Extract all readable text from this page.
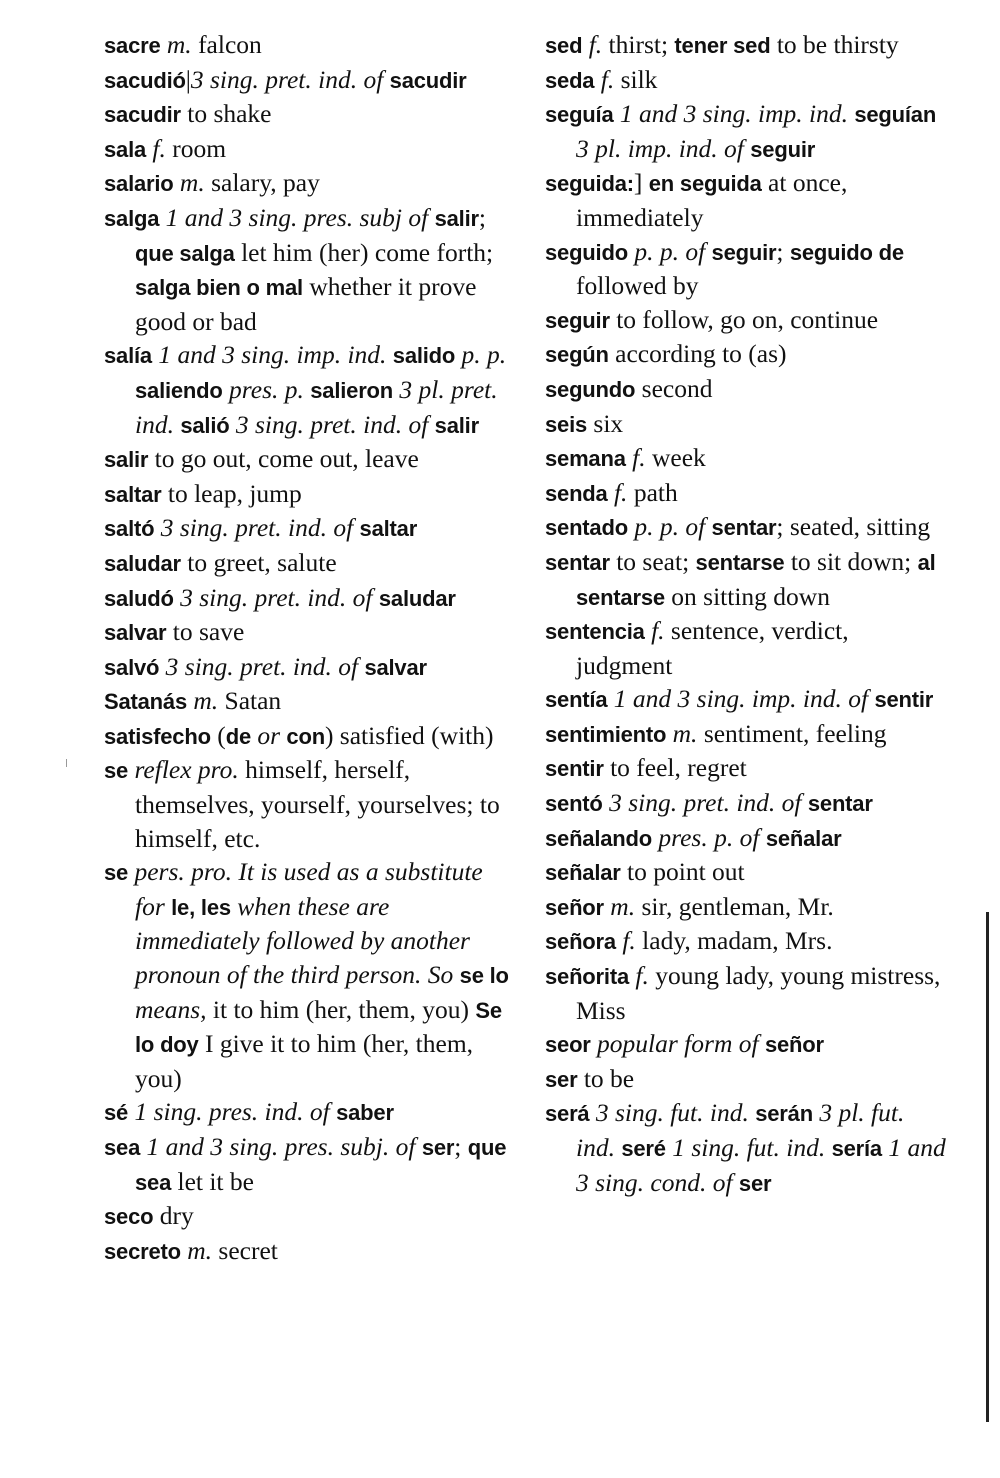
sacre m. falcon
sacudió|3 sing. pret. ind. of sacudir
sacudir to shake
sala f. room
salario m. salary, pay
salga 1 and 3 sing. pres. subj of salir; que salga let him (her) come forth; salga bien o mal whether it prove good or bad
salía 1 and 3 sing. imp. ind. salido p. p. saliendo pres. p. salieron 3 pl. pret. ind. salió 3 sing. pret. ind. of salir
salir to go out, come out, leave
saltar to leap, jump
saltó 3 sing. pret. ind. of saltar
saludar to greet, salute
saludó 3 sing. pret. ind. of saludar
salvar to save
salvó 3 sing. pret. ind. of salvar
Satanás m. Satan
satisfecho (de or con) satisfied (with)
se reflex pro. himself, herself, themselves, yourself, yourselves; to himself, etc.
se pers. pro. It is used as a substitute for le, les when these are immediately followed by another pronoun of the third person. So se lo means, it to him (her, them, you) Se lo doy I give it to him (her, them, you)
sé 1 sing. pres. ind. of saber
sea 1 and 3 sing. pres. subj. of ser; que sea let it be
seco dry
secreto m. secret
sed f. thirst; tener sed to be thirsty
seda f. silk
seguía 1 and 3 sing. imp. ind. seguían 3 pl. imp. ind. of seguir
seguida:] en seguida at once, immediately
seguido p. p. of seguir; seguido de followed by
seguir to follow, go on, continue
según according to (as)
segundo second
seis six
semana f. week
senda f. path
sentado p. p. of sentar; seated, sitting
sentar to seat; sentarse to sit down; al sentarse on sitting down
sentencia f. sentence, verdict, judgment
sentía 1 and 3 sing. imp. ind. of sentir
sentimiento m. sentiment, feeling
sentir to feel, regret
sentó 3 sing. pret. ind. of sentar
señalando pres. p. of señalar
señalar to point out
señor m. sir, gentleman, Mr.
señora f. lady, madam, Mrs.
señorita f. young lady, young mistress, Miss
seor popular form of señor
ser to be
será 3 sing. fut. ind. serán 3 pl. fut. ind. seré 1 sing. fut. ind. sería 1 and 3 sing. cond. of ser
